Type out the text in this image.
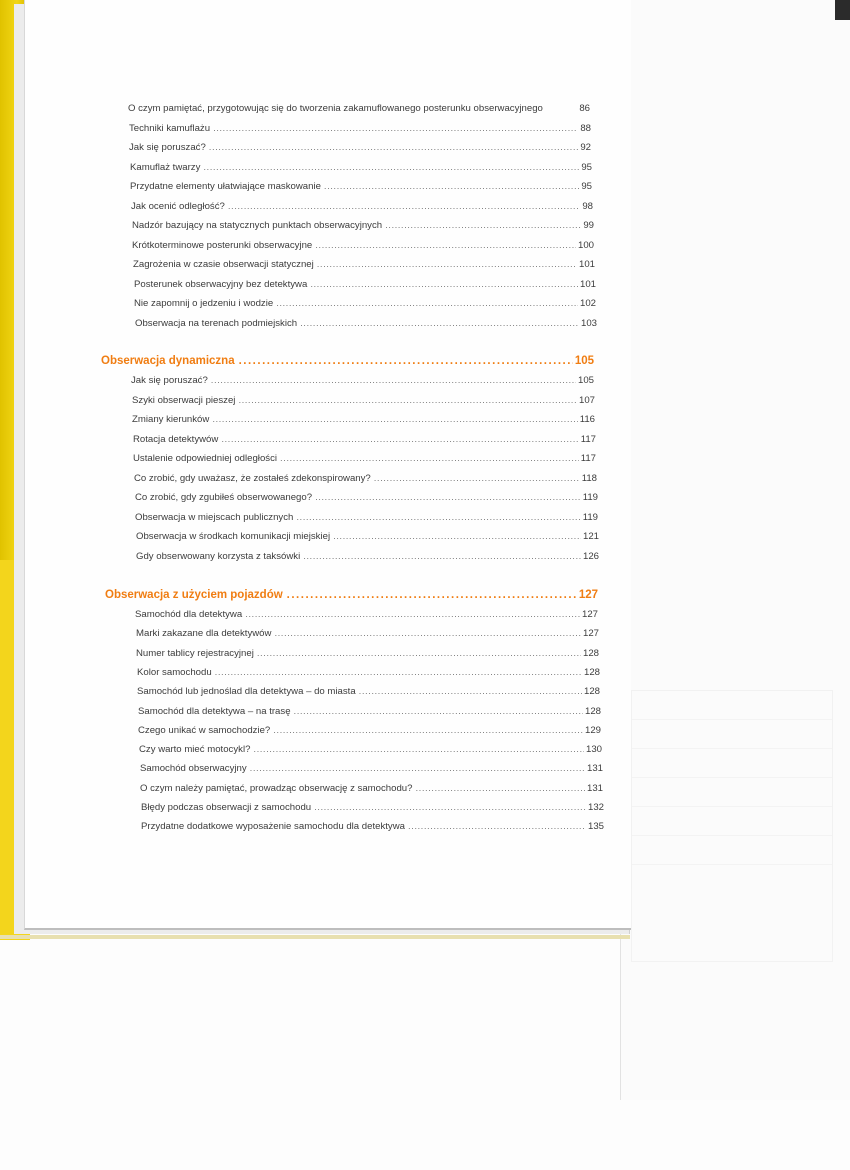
O czym pamiętać, przygotowując się do tworzenia zakamuflowanego posterunku obserwacyjnego	86
Techniki kamuflażu .....	88
Jak się poruszać? .....	92
Kamuflaż twarzy .....	95
Przydatne elementy ułatwiające maskowanie .....	95
Jak ocenić odległość? .....	98
Nadzór bazujący na statycznych punktach obserwacyjnych .....	99
Krótkoterminowe posterunki obserwacyjne .....	100
Zagrożenia w czasie obserwacji statycznej .....	101
Posterunek obserwacyjny bez detektywa .....	101
Nie zapomnij o jedzeniu i wodzie .....	102
Obserwacja na terenach podmiejskich .....	103
Obserwacja dynamiczna .....	105
Jak się poruszać? .....	105
Szyki obserwacji pieszej .....	107
Zmiany kierunków .....	116
Rotacja detektywów .....	117
Ustalenie odpowiedniej odległości .....	117
Co zrobić, gdy uważasz, że zostałeś zdekonspirowany? .....	118
Co zrobić, gdy zgubiłeś obserwowanego? .....	119
Obserwacja w miejscach publicznych .....	119
Obserwacja w środkach komunikacji miejskiej .....	121
Gdy obserwowany korzysta z taksówki .....	126
Obserwacja z użyciem pojazdów .....	127
Samochód dla detektywa .....	127
Marki zakazane dla detektywów .....	127
Numer tablicy rejestracyjnej .....	128
Kolor samochodu .....	128
Samochód lub jednoślad dla detektywa – do miasta .....	128
Samochód dla detektywa – na trasę .....	128
Czego unikać w samochodzie? .....	129
Czy warto mieć motocykl? .....	130
Samochód obserwacyjny .....	131
O czym należy pamiętać, prowadząc obserwację z samochodu? .....	131
Błędy podczas obserwacji z samochodu .....	132
Przydatne dodatkowe wyposażenie samochodu dla detektywa .....	135
